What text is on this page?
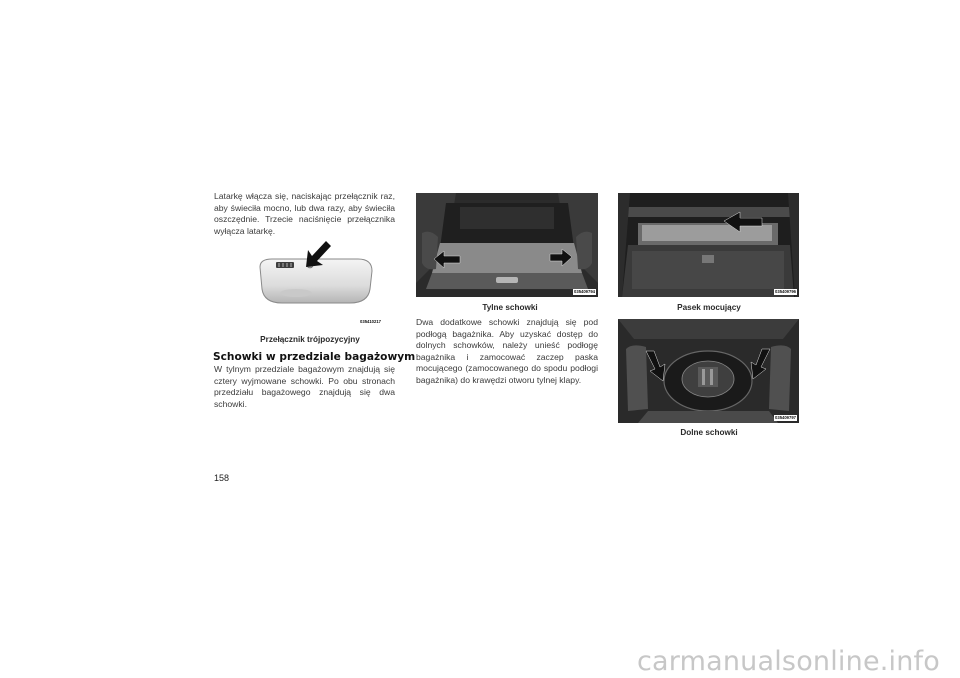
Latarkę włącza się, naciskając przełącznik raz, aby świeciła mocno, lub dwa razy, aby świeciła oszczędnie. Trzecie naciśnięcie przełącznika wyłącza latarkę.

035410217
Przełącznik trójpozycyjny
Schowki w przedziale bagażowym

W tylnym przedziale bagażowym znajdują się cztery wyjmowane schowki. Po obu stronach przedziału bagażowego znajdują się dwa schowki.

035409794
Tylne schowki

Dwa dodatkowe schowki znajdują się pod podłogą bagażnika. Aby uzyskać dostęp do dolnych schowków, należy unieść podłogę bagażnika i zamocować zaczep paska mocującego (zamocowanego do spodu podłogi bagażnika) do krawędzi otworu tylnej klapy.

035409796
Pasek mocujący
035409797
Dolne schowki
158
carmanualsonline.info
